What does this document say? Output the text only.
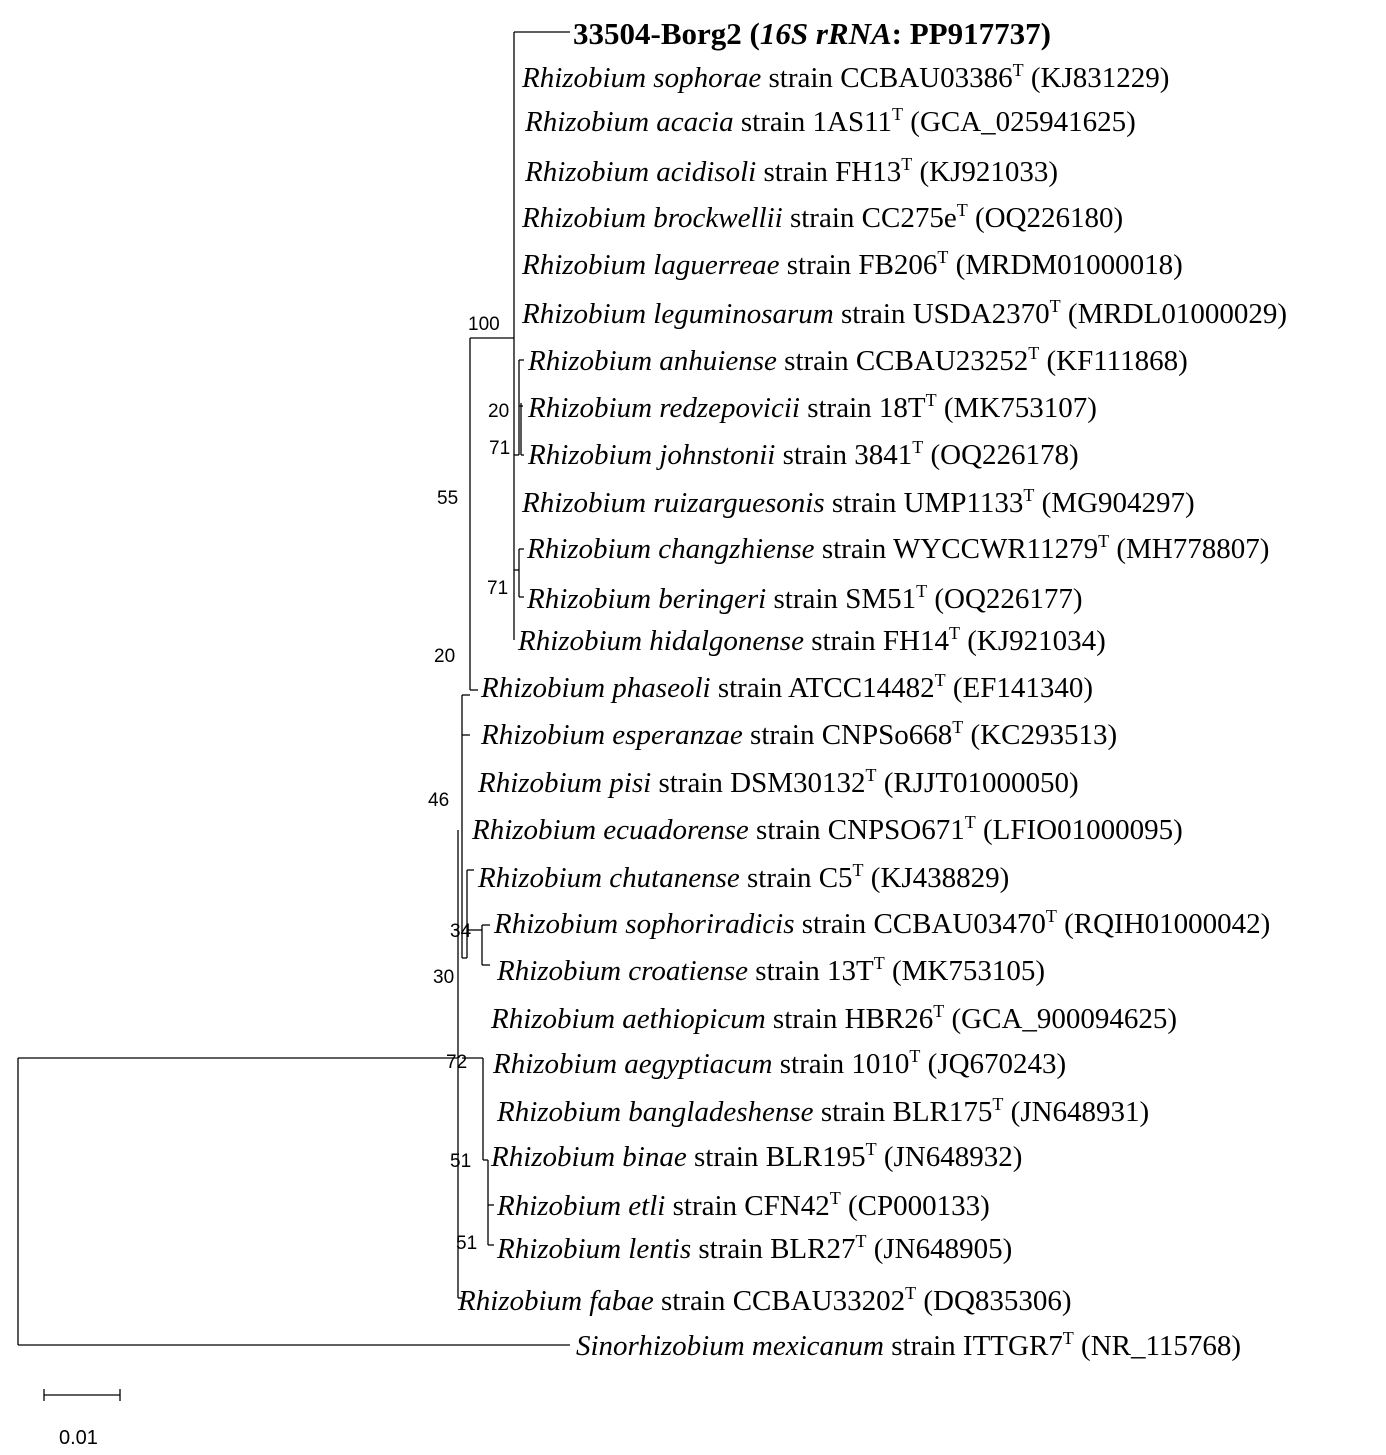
33504-Borg2 (16S rRNA: PP917737)
Rhizobium sophorae strain $CCBAU03386^T$ (KJ831229)
Rhizobium acacia strain $1AS11^T$ (GCA_025941625)
Rhizobium acidisoli strain $FH13^T$ (KJ921033)
Rhizobium brockwellii strain $CC275e^T$ (OQ226180)
Rhizobium laguerreae strain $FB206^T$ (MRDM01000018)
Rhizobium leguminosarum strain $USDA2370^T$ (MRDL01000029)
Rhizobium anhuiense strain $CCBAU23252^T$ (KF111868)
Rhizobium redzepovicii strain $18T^T$ (MK753107)
Rhizobium johnstonii strain $3841^T$ (OQ226178)
Rhizobium ruizarguesonis strain $UMP1133^T$ (MG904297)
Rhizobium changzhiense strain $WYCCWR11279^T$ (MH778807)
Rhizobium beringeri strain $SM51^T$ (OQ226177)
Rhizobium hidalgonense strain $FH14^T$ (KJ921034)
Rhizobium phaseoli strain $ATCC14482^T$ (EF141340)
Rhizobium esperanzae strain $CNPSo668^T$ (KC293513)
Rhizobium pisi strain $DSM30132^T$ (RJJT01000050)
Rhizobium ecuadorense strain $CNPSO671^T$ (LFIO01000095)
Rhizobium chutanense strain $C5^T$ (KJ438829)
Rhizobium sophoriradicis strain $CCBAU03470^T$ (RQIH01000042)
Rhizobium croatiense strain $13T^T$ (MK753105)
Rhizobium aethiopicum strain $HBR26^T$ (GCA_900094625)
Rhizobium aegyptiacum strain $1010^T$ (JQ670243)
Rhizobium bangladeshense strain $BLR175^T$ (JN648931)
Rhizobium binae strain $BLR195^T$ (JN648932)
Rhizobium etli strain $CFN42^T$ (CP000133)
Rhizobium lentis strain $BLR27^T$ (JN648905)
Rhizobium fabae strain $CCBAU33202^T$ (DQ835306)
Sinorhizobium mexicanum strain $ITTGR7^T$ (NR_115768)
100
20
71
55
71
20
46
34
30
72
51
51
0.01
